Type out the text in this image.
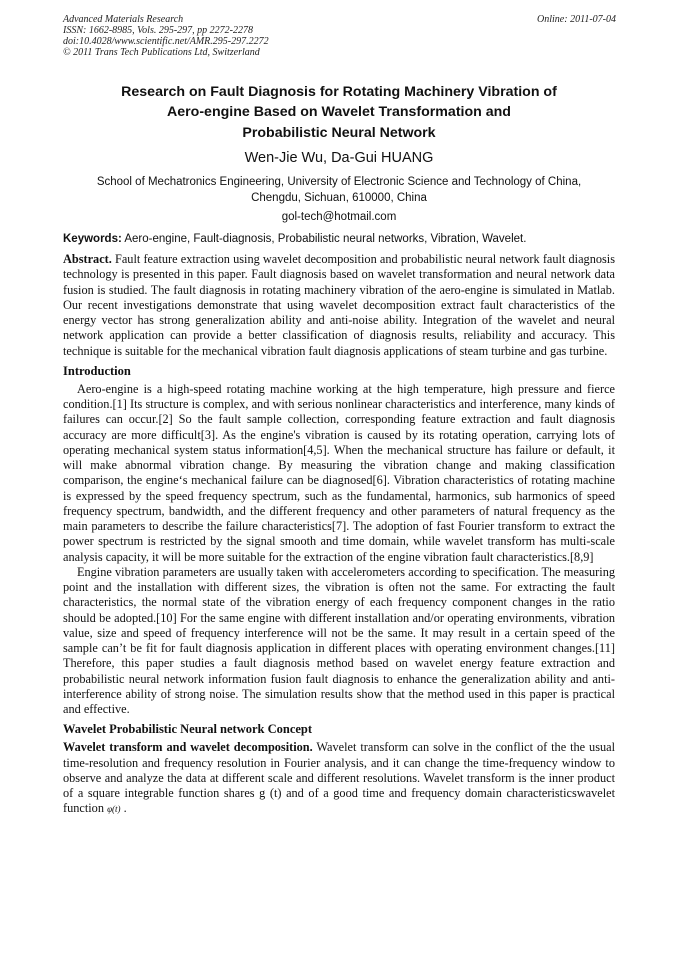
Advanced Materials Research
ISSN: 1662-8985, Vols. 295-297, pp 2272-2278
doi:10.4028/www.scientific.net/AMR.295-297.2272
© 2011 Trans Tech Publications Ltd, Switzerland
Online: 2011-07-04
Research on Fault Diagnosis for Rotating Machinery Vibration of
Aero-engine Based on Wavelet Transformation and
Probabilistic Neural Network
Wen-Jie Wu, Da-Gui HUANG
School of Mechatronics Engineering, University of Electronic Science and Technology of China,
Chengdu, Sichuan, 610000, China
gol-tech@hotmail.com
Keywords: Aero-engine, Fault-diagnosis, Probabilistic neural networks, Vibration, Wavelet.

Abstract. Fault feature extraction using wavelet decomposition and probabilistic neural network fault diagnosis technology is presented in this paper. Fault diagnosis based on wavelet transformation and neural network data fusion is studied. The fault diagnosis in rotating machinery vibration of the aero-engine is simulated in Matlab. Our recent investigations demonstrate that using wavelet decomposition extract fault characteristics of the energy vector has strong generalization ability and anti-noise ability. Integration of the wavelet and neural network application can provide a better classification of diagnosis results, reliability and accuracy. This technique is suitable for the mechanical vibration fault diagnosis applications of steam turbine and gas turbine.

Introduction

Aero-engine is a high-speed rotating machine working at the high temperature, high pressure and fierce condition.[1] Its structure is complex, and with serious nonlinear characteristics and interference, many kinds of failures can occur.[2] So the fault sample collection, corresponding feature extraction and fault diagnosis accuracy are more difficult[3]. As the engine's vibration is caused by its rotating operation, carrying lots of operating mechanical system status information[4,5]. When the mechanical structure has failure or default, it will make abnormal vibration change. By measuring the vibration change and making classification comparison, the engine‘s mechanical failure can be diagnosed[6]. Vibration characteristics of rotating machine is expressed by the speed frequency spectrum, such as the fundamental, harmonics, sub harmonics of speed frequency spectrum, bandwidth, and the different frequency and other parameters of natural frequency as the main parameters to describe the failure characteristics[7]. The adoption of fast Fourier transform to extract the power spectrum is restricted by the signal smooth and time domain, while wavelet transform has multi-scale analysis capacity, it will be more suitable for the extraction of the engine vibration fault characteristics.[8,9]

Engine vibration parameters are usually taken with accelerometers according to specification. The measuring point and the installation with different sizes, the vibration is often not the same. For extracting the fault characteristics, the normal state of the vibration energy of each frequency component changes in the ratio should be adopted.[10] For the same engine with different installation and/or operating environments, vibration value, size and speed of frequency interference will not be the same. It may result in a certain speed of the sample can’t be fit for fault diagnosis application in different places with operating environment changes.[11] Therefore, this paper studies a fault diagnosis method based on wavelet energy feature extraction and probabilistic neural network information fusion fault diagnosis to enhance the generalization ability and anti-interference ability of strong noise. The simulation results show that the method used in this paper is practical and effective.

Wavelet Probabilistic Neural network Concept

Wavelet transform and wavelet decomposition. Wavelet transform can solve in the conflict of the the usual time-resolution and frequency resolution in Fourier analysis, and it can change the time-frequency window to observe and analyze the data at different scale and different resolutions. Wavelet transform is the inner product of a square integrable function shares g (t) and of a good time and frequency domain characteristicswavelet function φ(t) .
